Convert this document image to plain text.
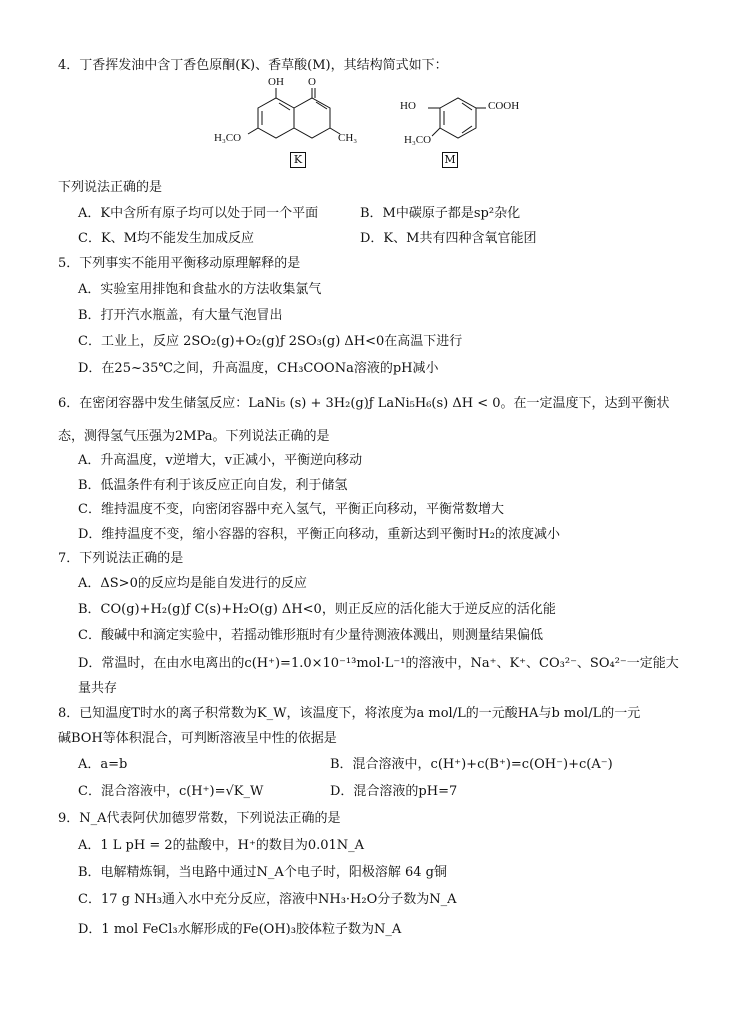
4．丁香挥发油中含丁香色原酮(K)、香草酸(M)，其结构简式如下：
OH O
H₃CO	CH₃
K
HO	COOH
H₃CO
M
下列说法正确的是
A．K中含所有原子均可以处于同一个平面	B．M中碳原子都是sp²杂化
C．K、M均不能发生加成反应	D．K、M共有四种含氧官能团
5．下列事实不能用平衡移动原理解释的是
A．实验室用排饱和食盐水的方法收集氯气
B．打开汽水瓶盖，有大量气泡冒出
C．工业上，反应 2SO₂(g)+O₂(g)ƒ 2SO₃(g) ΔH<0在高温下进行
D．在25~35℃之间，升高温度，CH₃COONa溶液的pH减小
6．在密闭容器中发生储氢反应：LaNi₅ (s) + 3H₂(g)ƒ LaNi₅H₆(s) ΔH < 0。在一定温度下，达到平衡状
态，测得氢气压强为2MPa。下列说法正确的是
A．升高温度，v逆增大，v正减小，平衡逆向移动
B．低温条件有利于该反应正向自发，利于储氢
C．维持温度不变，向密闭容器中充入氢气，平衡正向移动，平衡常数增大
D．维持温度不变，缩小容器的容积，平衡正向移动，重新达到平衡时H₂的浓度减小
7．下列说法正确的是
A．ΔS>0的反应均是能自发进行的反应
B．CO(g)+H₂(g)ƒ C(s)+H₂O(g) ΔH<0，则正反应的活化能大于逆反应的活化能
C．酸碱中和滴定实验中，若摇动锥形瓶时有少量待测液体溅出，则测量结果偏低
D．常温时，在由水电离出的c(H⁺)=1.0×10⁻¹³mol·L⁻¹的溶液中，Na⁺、K⁺、CO₃²⁻、SO₄²⁻一定能大
量共存
8．已知温度T时水的离子积常数为K_W，该温度下，将浓度为a mol/L的一元酸HA与b mol/L的一元
碱BOH等体积混合，可判断溶液呈中性的依据是
A．a=b	B．混合溶液中，c(H⁺)+c(B⁺)=c(OH⁻)+c(A⁻)
C．混合溶液中，c(H⁺)=√K_W	D．混合溶液的pH=7
9．N_A代表阿伏加德罗常数，下列说法正确的是
A．1 L pH = 2的盐酸中，H⁺的数目为0.01N_A
B．电解精炼铜，当电路中通过N_A个电子时，阳极溶解 64 g铜
C．17 g NH₃通入水中充分反应，溶液中NH₃·H₂O分子数为N_A
D．1 mol FeCl₃水解形成的Fe(OH)₃胶体粒子数为N_A
